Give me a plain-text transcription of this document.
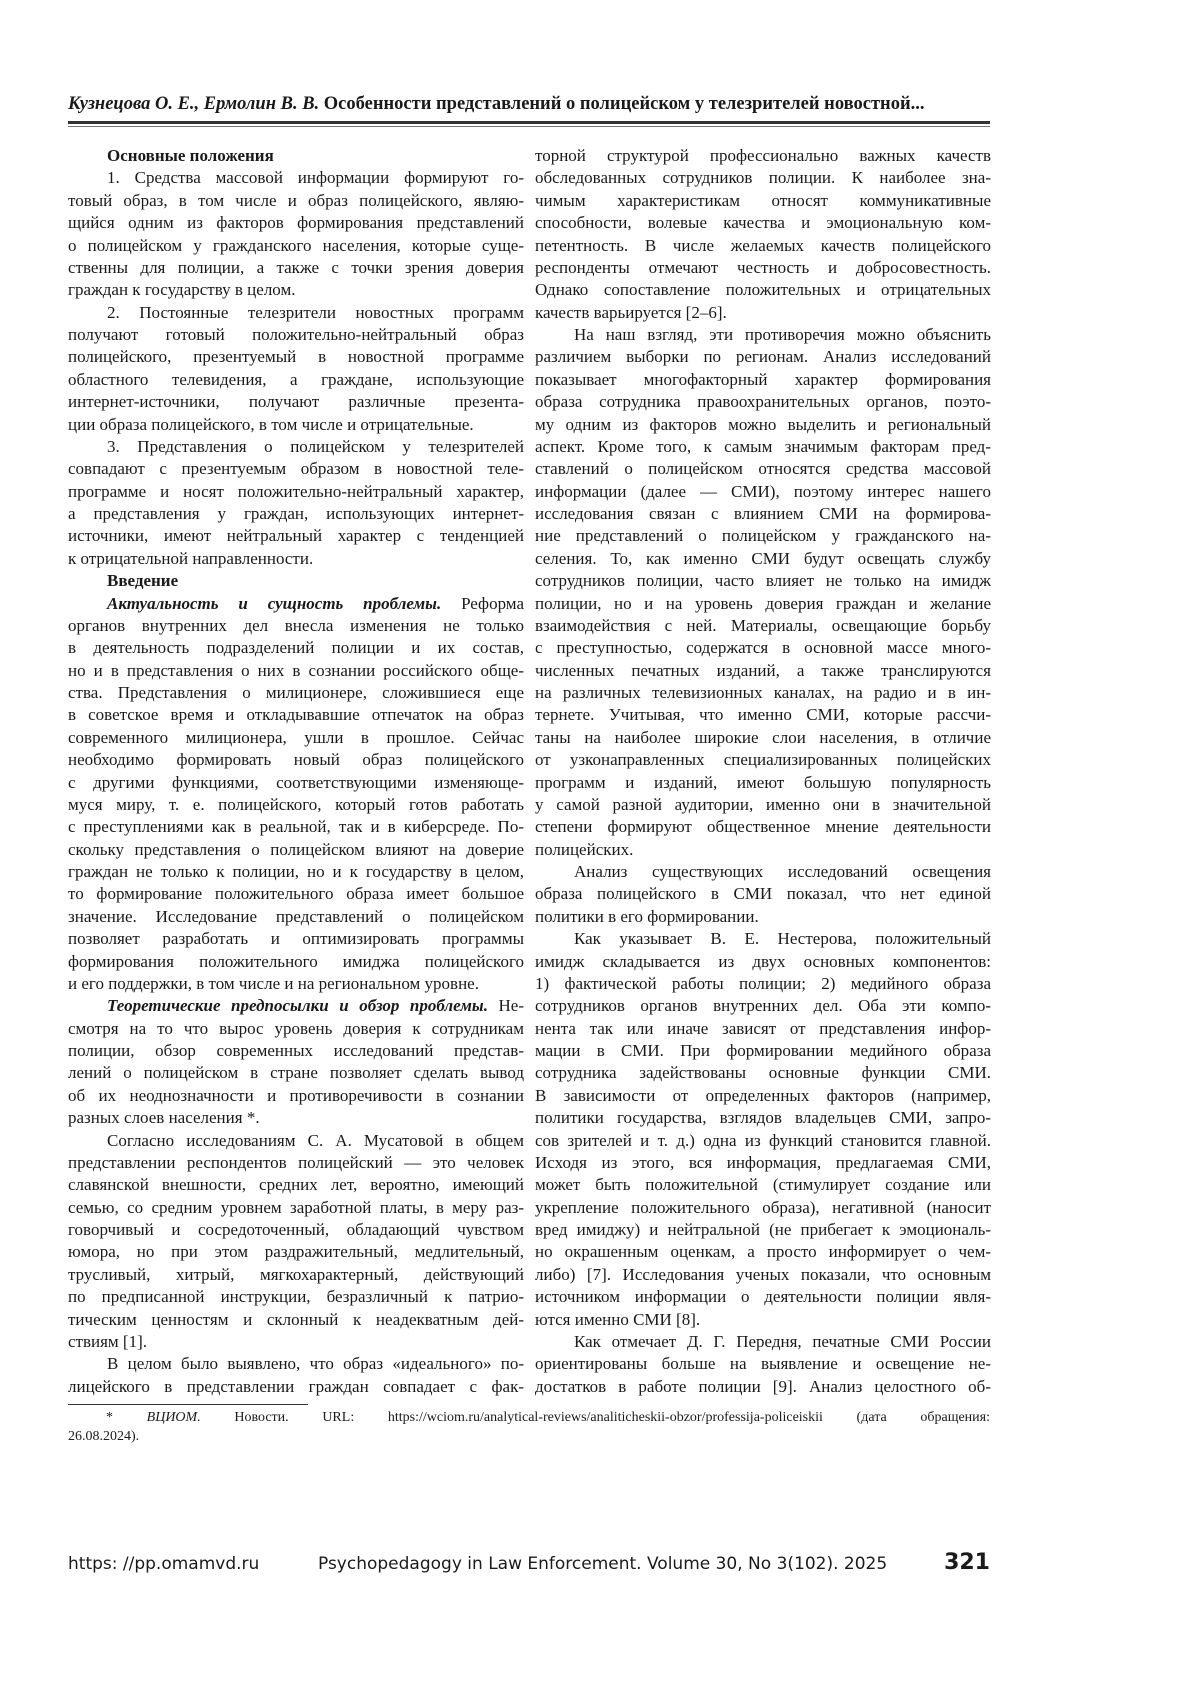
Кузнецова О. Е., Ермолин В. В. Особенности представлений о полицейском у телезрителей новостной...
Основные положения
1. Средства массовой информации формируют го-
товый образ, в том числе и образ полицейского, являю-
щийся одним из факторов формирования представлений
о полицейском у гражданского населения, которые суще-
ственны для полиции, а также с точки зрения доверия
граждан к государству в целом.
2. Постоянные телезрители новостных программ
получают готовый положительно-нейтральный образ
полицейского, презентуемый в новостной программе
областного телевидения, а граждане, использующие
интернет-источники, получают различные презента-
ции образа полицейского, в том числе и отрицательные.
3. Представления о полицейском у телезрителей
совпадают с презентуемым образом в новостной теле-
программе и носят положительно-нейтральный характер,
а представления у граждан, использующих интернет-
источники, имеют нейтральный характер с тенденцией
к отрицательной направленности.
Введение
Актуальность и сущность проблемы. Реформа
органов внутренних дел внесла изменения не только
в деятельность подразделений полиции и их состав,
но и в представления о них в сознании российского обще-
ства. Представления о милиционере, сложившиеся еще
в советское время и откладывавшие отпечаток на образ
современного милиционера, ушли в прошлое. Сейчас
необходимо формировать новый образ полицейского
с другими функциями, соответствующими изменяюще-
муся миру, т. е. полицейского, который готов работать
с преступлениями как в реальной, так и в киберсреде. По-
скольку представления о полицейском влияют на доверие
граждан не только к полиции, но и к государству в целом,
то формирование положительного образа имеет большое
значение. Исследование представлений о полицейском
позволяет разработать и оптимизировать программы
формирования положительного имиджа полицейского
и его поддержки, в том числе и на региональном уровне.
Теоретические предпосылки и обзор проблемы. Не-
смотря на то что вырос уровень доверия к сотрудникам
полиции, обзор современных исследований представ-
лений о полицейском в стране позволяет сделать вывод
об их неоднозначности и противоречивости в сознании
разных слоев населения *.
Согласно исследованиям С. А. Мусатовой в общем
представлении респондентов полицейский — это человек
славянской внешности, средних лет, вероятно, имеющий
семью, со средним уровнем заработной платы, в меру раз-
говорчивый и сосредоточенный, обладающий чувством
юмора, но при этом раздражительный, медлительный,
трусливый, хитрый, мягкохарактерный, действующий
по предписанной инструкции, безразличный к патрио-
тическим ценностям и склонный к неадекватным дей-
ствиям [1].
В целом было выявлено, что образ «идеального» по-
лицейского в представлении граждан совпадает с фак-
торной структурой профессионально важных качеств
обследованных сотрудников полиции. К наиболее зна-
чимым характеристикам относят коммуникативные
способности, волевые качества и эмоциональную ком-
петентность. В числе желаемых качеств полицейского
респонденты отмечают честность и добросовестность.
Однако сопоставление положительных и отрицательных
качеств варьируется [2–6].
На наш взгляд, эти противоречия можно объяснить
различием выборки по регионам. Анализ исследований
показывает многофакторный характер формирования
образа сотрудника правоохранительных органов, поэто-
му одним из факторов можно выделить и региональный
аспект. Кроме того, к самым значимым факторам пред-
ставлений о полицейском относятся средства массовой
информации (далее — СМИ), поэтому интерес нашего
исследования связан с влиянием СМИ на формирова-
ние представлений о полицейском у гражданского на-
селения. То, как именно СМИ будут освещать службу
сотрудников полиции, часто влияет не только на имидж
полиции, но и на уровень доверия граждан и желание
взаимодействия с ней. Материалы, освещающие борьбу
с преступностью, содержатся в основной массе много-
численных печатных изданий, а также транслируются
на различных телевизионных каналах, на радио и в ин-
тернете. Учитывая, что именно СМИ, которые рассчи-
таны на наиболее широкие слои населения, в отличие
от узконаправленных специализированных полицейских
программ и изданий, имеют большую популярность
у самой разной аудитории, именно они в значительной
степени формируют общественное мнение деятельности
полицейских.
Анализ существующих исследований освещения
образа полицейского в СМИ показал, что нет единой
политики в его формировании.
Как указывает В. Е. Нестерова, положительный
имидж складывается из двух основных компонентов:
1) фактической работы полиции; 2) медийного образа
сотрудников органов внутренних дел. Оба эти компо-
нента так или иначе зависят от представления инфор-
мации в СМИ. При формировании медийного образа
сотрудника задействованы основные функции СМИ.
В зависимости от определенных факторов (например,
политики государства, взглядов владельцев СМИ, запро-
сов зрителей и т. д.) одна из функций становится главной.
Исходя из этого, вся информация, предлагаемая СМИ,
может быть положительной (стимулирует создание или
укрепление положительного образа), негативной (наносит
вред имиджу) и нейтральной (не прибегает к эмоциональ-
но окрашенным оценкам, а просто информирует о чем-
либо) [7]. Исследования ученых показали, что основным
источником информации о деятельности полиции явля-
ются именно СМИ [8].
Как отмечает Д. Г. Передня, печатные СМИ России
ориентированы больше на выявление и освещение не-
достатков в работе полиции [9]. Анализ целостного об-
* ВЦИОМ. Новости. URL: https://wciom.ru/analytical-reviews/analiticheskii-obzor/professija-policeiskii (дата обращения:
26.08.2024).
https: //pp.omamvd.ru	Psychopedagogy in Law Enforcement. Volume 30, No 3(102). 2025	321
